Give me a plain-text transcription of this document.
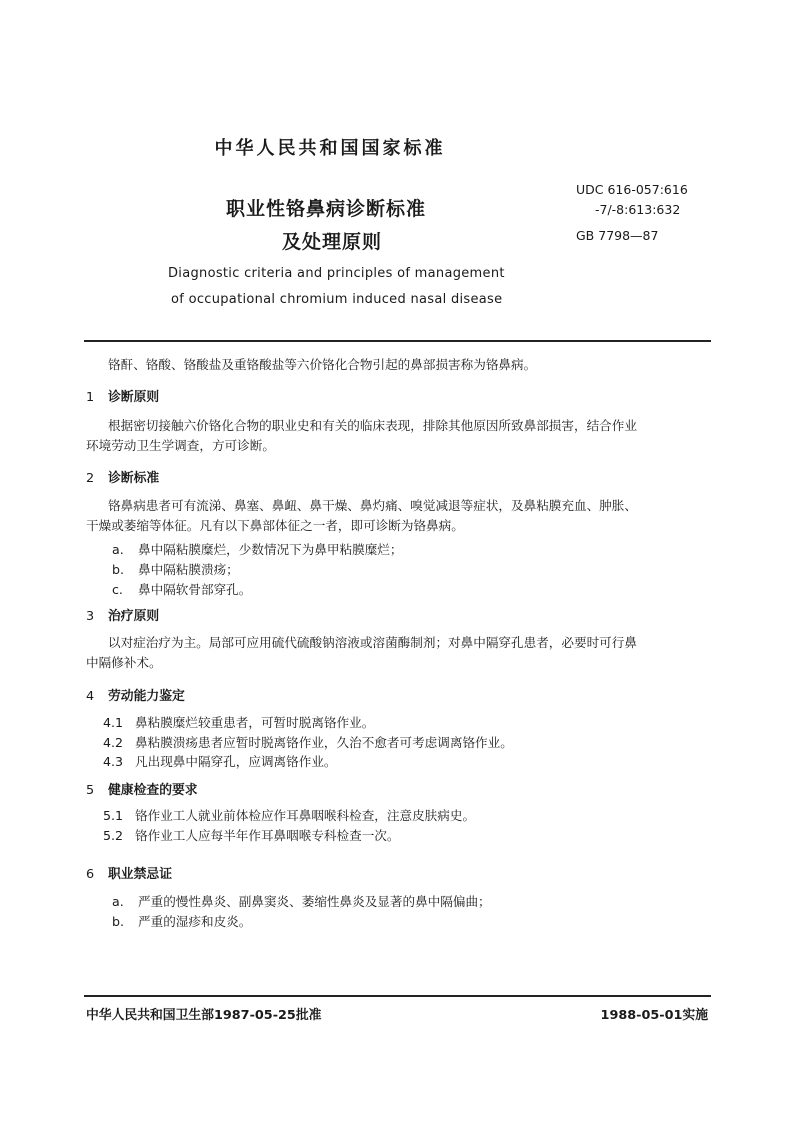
中华人民共和国国家标准
职业性铬鼻病诊断标准
及处理原则
UDC 616-057:616
-7/-8:613:632
GB 7798—87
Diagnostic criteria and principles of management
of occupational chromium induced nasal disease
铬酐、铬酸、铬酸盐及重铬酸盐等六价铬化合物引起的鼻部损害称为铬鼻病。
1 诊断原则
根据密切接触六价铬化合物的职业史和有关的临床表现，排除其他原因所致鼻部损害，结合作业
环境劳动卫生学调查，方可诊断。
2 诊断标准
铬鼻病患者可有流涕、鼻塞、鼻衄、鼻干燥、鼻灼痛、嗅觉减退等症状，及鼻粘膜充血、肿胀、
干燥或萎缩等体征。凡有以下鼻部体征之一者，即可诊断为铬鼻病。
a. 鼻中隔粘膜糜烂，少数情况下为鼻甲粘膜糜烂；
b. 鼻中隔粘膜溃疡；
c. 鼻中隔软骨部穿孔。
3 治疗原则
以对症治疗为主。局部可应用硫代硫酸钠溶液或溶菌酶制剂；对鼻中隔穿孔患者，必要时可行鼻
中隔修补术。
4 劳动能力鉴定
4.1 鼻粘膜糜烂较重患者，可暂时脱离铬作业。
4.2 鼻粘膜溃疡患者应暂时脱离铬作业，久治不愈者可考虑调离铬作业。
4.3 凡出现鼻中隔穿孔，应调离铬作业。
5 健康检查的要求
5.1 铬作业工人就业前体检应作耳鼻咽喉科检查，注意皮肤病史。
5.2 铬作业工人应每半年作耳鼻咽喉专科检查一次。
6 职业禁忌证
a. 严重的慢性鼻炎、副鼻窦炎、萎缩性鼻炎及显著的鼻中隔偏曲；
b. 严重的湿疹和皮炎。
中华人民共和国卫生部1987-05-25批准	1988-05-01实施
